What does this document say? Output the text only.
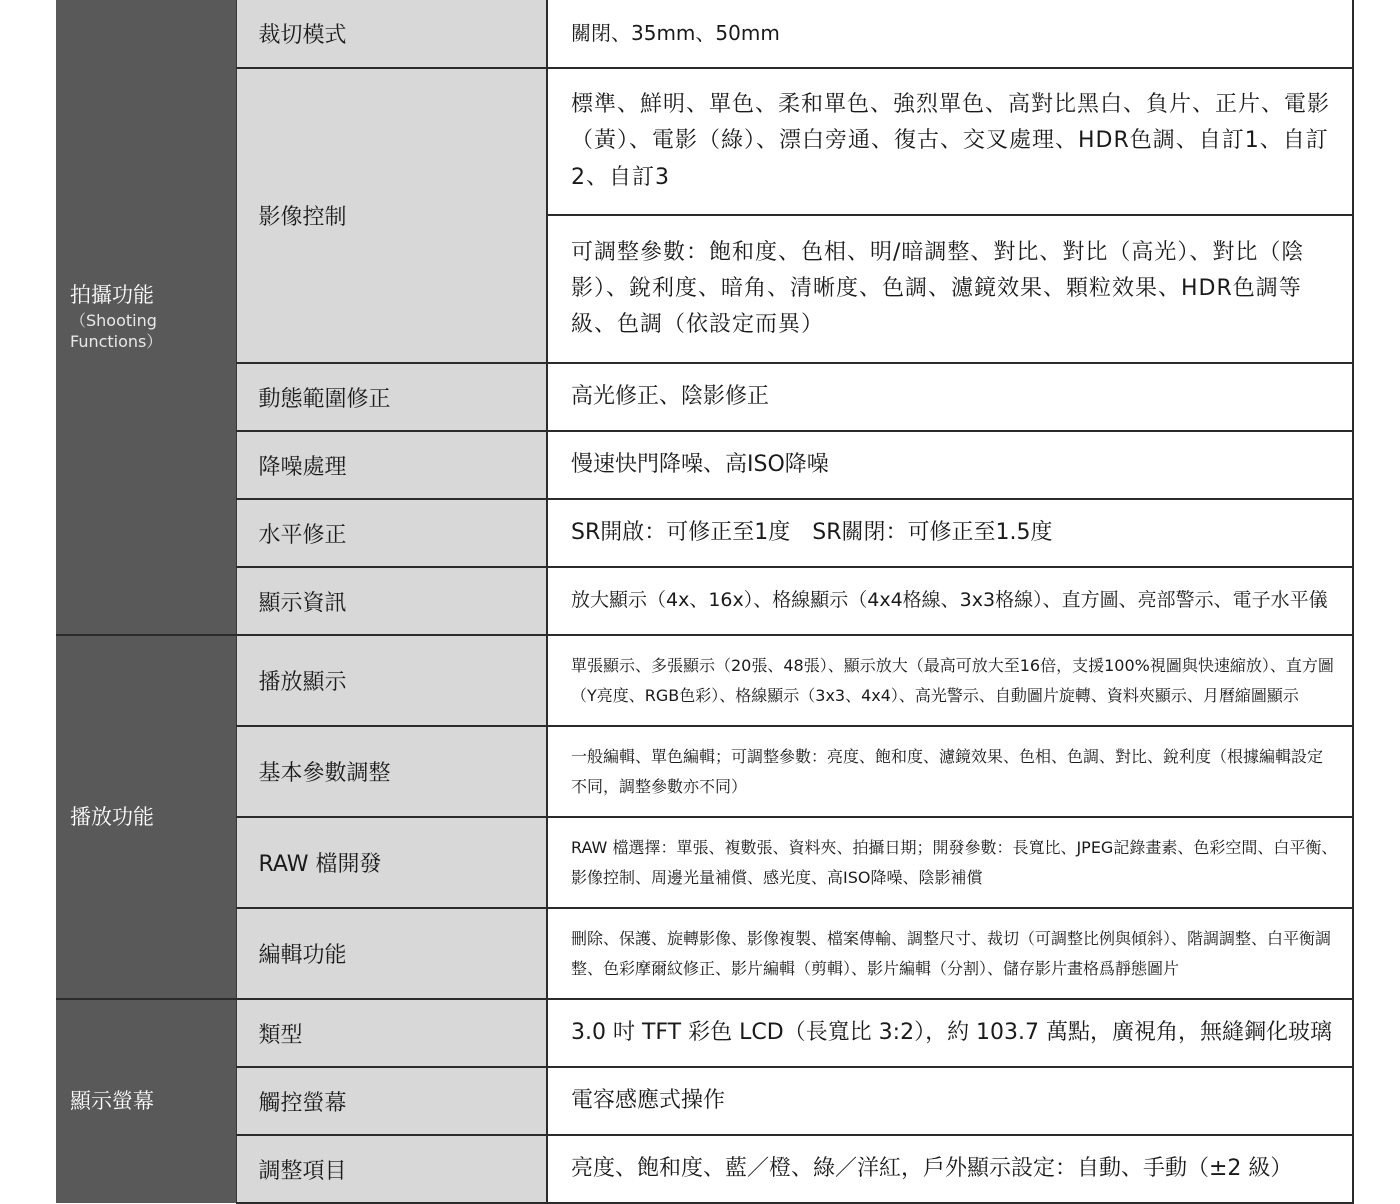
拍攝功能
（Shooting Functions）	裁切模式	關閉、35mm、50mm
	影像控制	標準、鮮明、單色、柔和單色、強烈單色、高對比黑白、負片、正片、電影（黃）、電影（綠）、漂白旁通、復古、交叉處理、HDR色調、自訂1、自訂2、自訂3
		可調整參數：飽和度、色相、明/暗調整、對比、對比（高光）、對比（陰影）、銳利度、暗角、清晰度、色調、濾鏡效果、顆粒效果、HDR色調等級、色調（依設定而異）
	動態範圍修正	高光修正、陰影修正
	降噪處理	慢速快門降噪、高ISO降噪
	水平修正	SR開啟：可修正至1度　SR關閉：可修正至1.5度
	顯示資訊	放大顯示（4x、16x）、格線顯示（4x4格線、3x3格線）、直方圖、亮部警示、電子水平儀
播放功能	播放顯示	單張顯示、多張顯示（20張、48張）、顯示放大（最高可放大至16倍，支援100%視圖與快速縮放）、直方圖（Y亮度、RGB色彩）、格線顯示（3x3、4x4）、高光警示、自動圖片旋轉、資料夾顯示、月曆縮圖顯示
	基本參數調整	一般編輯、單色編輯；可調整參數：亮度、飽和度、濾鏡效果、色相、色調、對比、銳利度（根據編輯設定不同，調整參數亦不同）
	RAW 檔開發	RAW 檔選擇：單張、複數張、資料夾、拍攝日期；開發參數：長寬比、JPEG記錄畫素、色彩空間、白平衡、影像控制、周邊光量補償、感光度、高ISO降噪、陰影補償
	編輯功能	刪除、保護、旋轉影像、影像複製、檔案傳輸、調整尺寸、裁切（可調整比例與傾斜）、階調調整、白平衡調整、色彩摩爾紋修正、影片編輯（剪輯）、影片編輯（分割）、儲存影片畫格爲靜態圖片
顯示螢幕	類型	3.0 吋 TFT 彩色 LCD（長寬比 3:2），約 103.7 萬點，廣視角，無縫鋼化玻璃
	觸控螢幕	電容感應式操作
	調整項目	亮度、飽和度、藍／橙、綠／洋紅，戶外顯示設定：自動、手動（±2 級）
